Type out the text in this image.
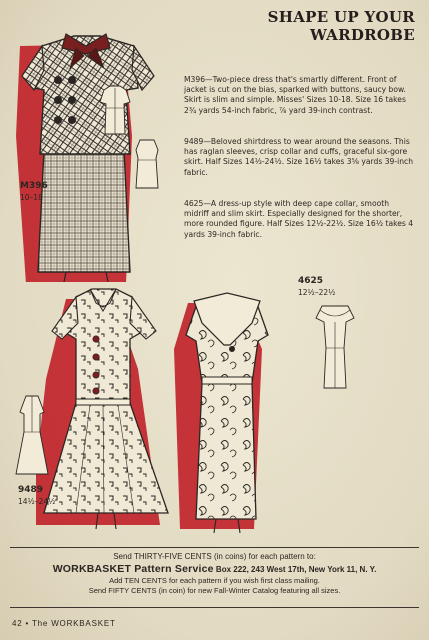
SHAPE UP YOUR WARDROBE
M396
10–18
M396—Two-piece dress that's smartly different. Front of jacket is cut on the bias, sparked with buttons, saucy bow. Skirt is slim and simple. Misses' Sizes 10-18. Size 16 takes 2¾ yards 54-inch fabric, ⅞ yard 39-inch contrast.
9489—Beloved shirtdress to wear around the seasons. This has raglan sleeves, crisp collar and cuffs, graceful six-gore skirt. Half Sizes 14½-24½. Size 16½ takes 3⅝ yards 39-inch fabric.
4625—A dress-up style with deep cape collar, smooth midriff and slim skirt. Especially designed for the shorter, more rounded figure. Half Sizes 12½-22½. Size 16½ takes 4 yards 39-inch fabric.
9489
14½–24½
4625
12½–22½
Send THIRTY-FIVE CENTS (in coins) for each pattern to:
WORKBASKET Pattern Service Box 222, 243 West 17th, New York 11, N. Y.
Add TEN CENTS for each pattern if you wish first class mailing.
Send FIFTY CENTS (in coin) for new Fall-Winter Catalog featuring all sizes.
42 • The WORKBASKET
